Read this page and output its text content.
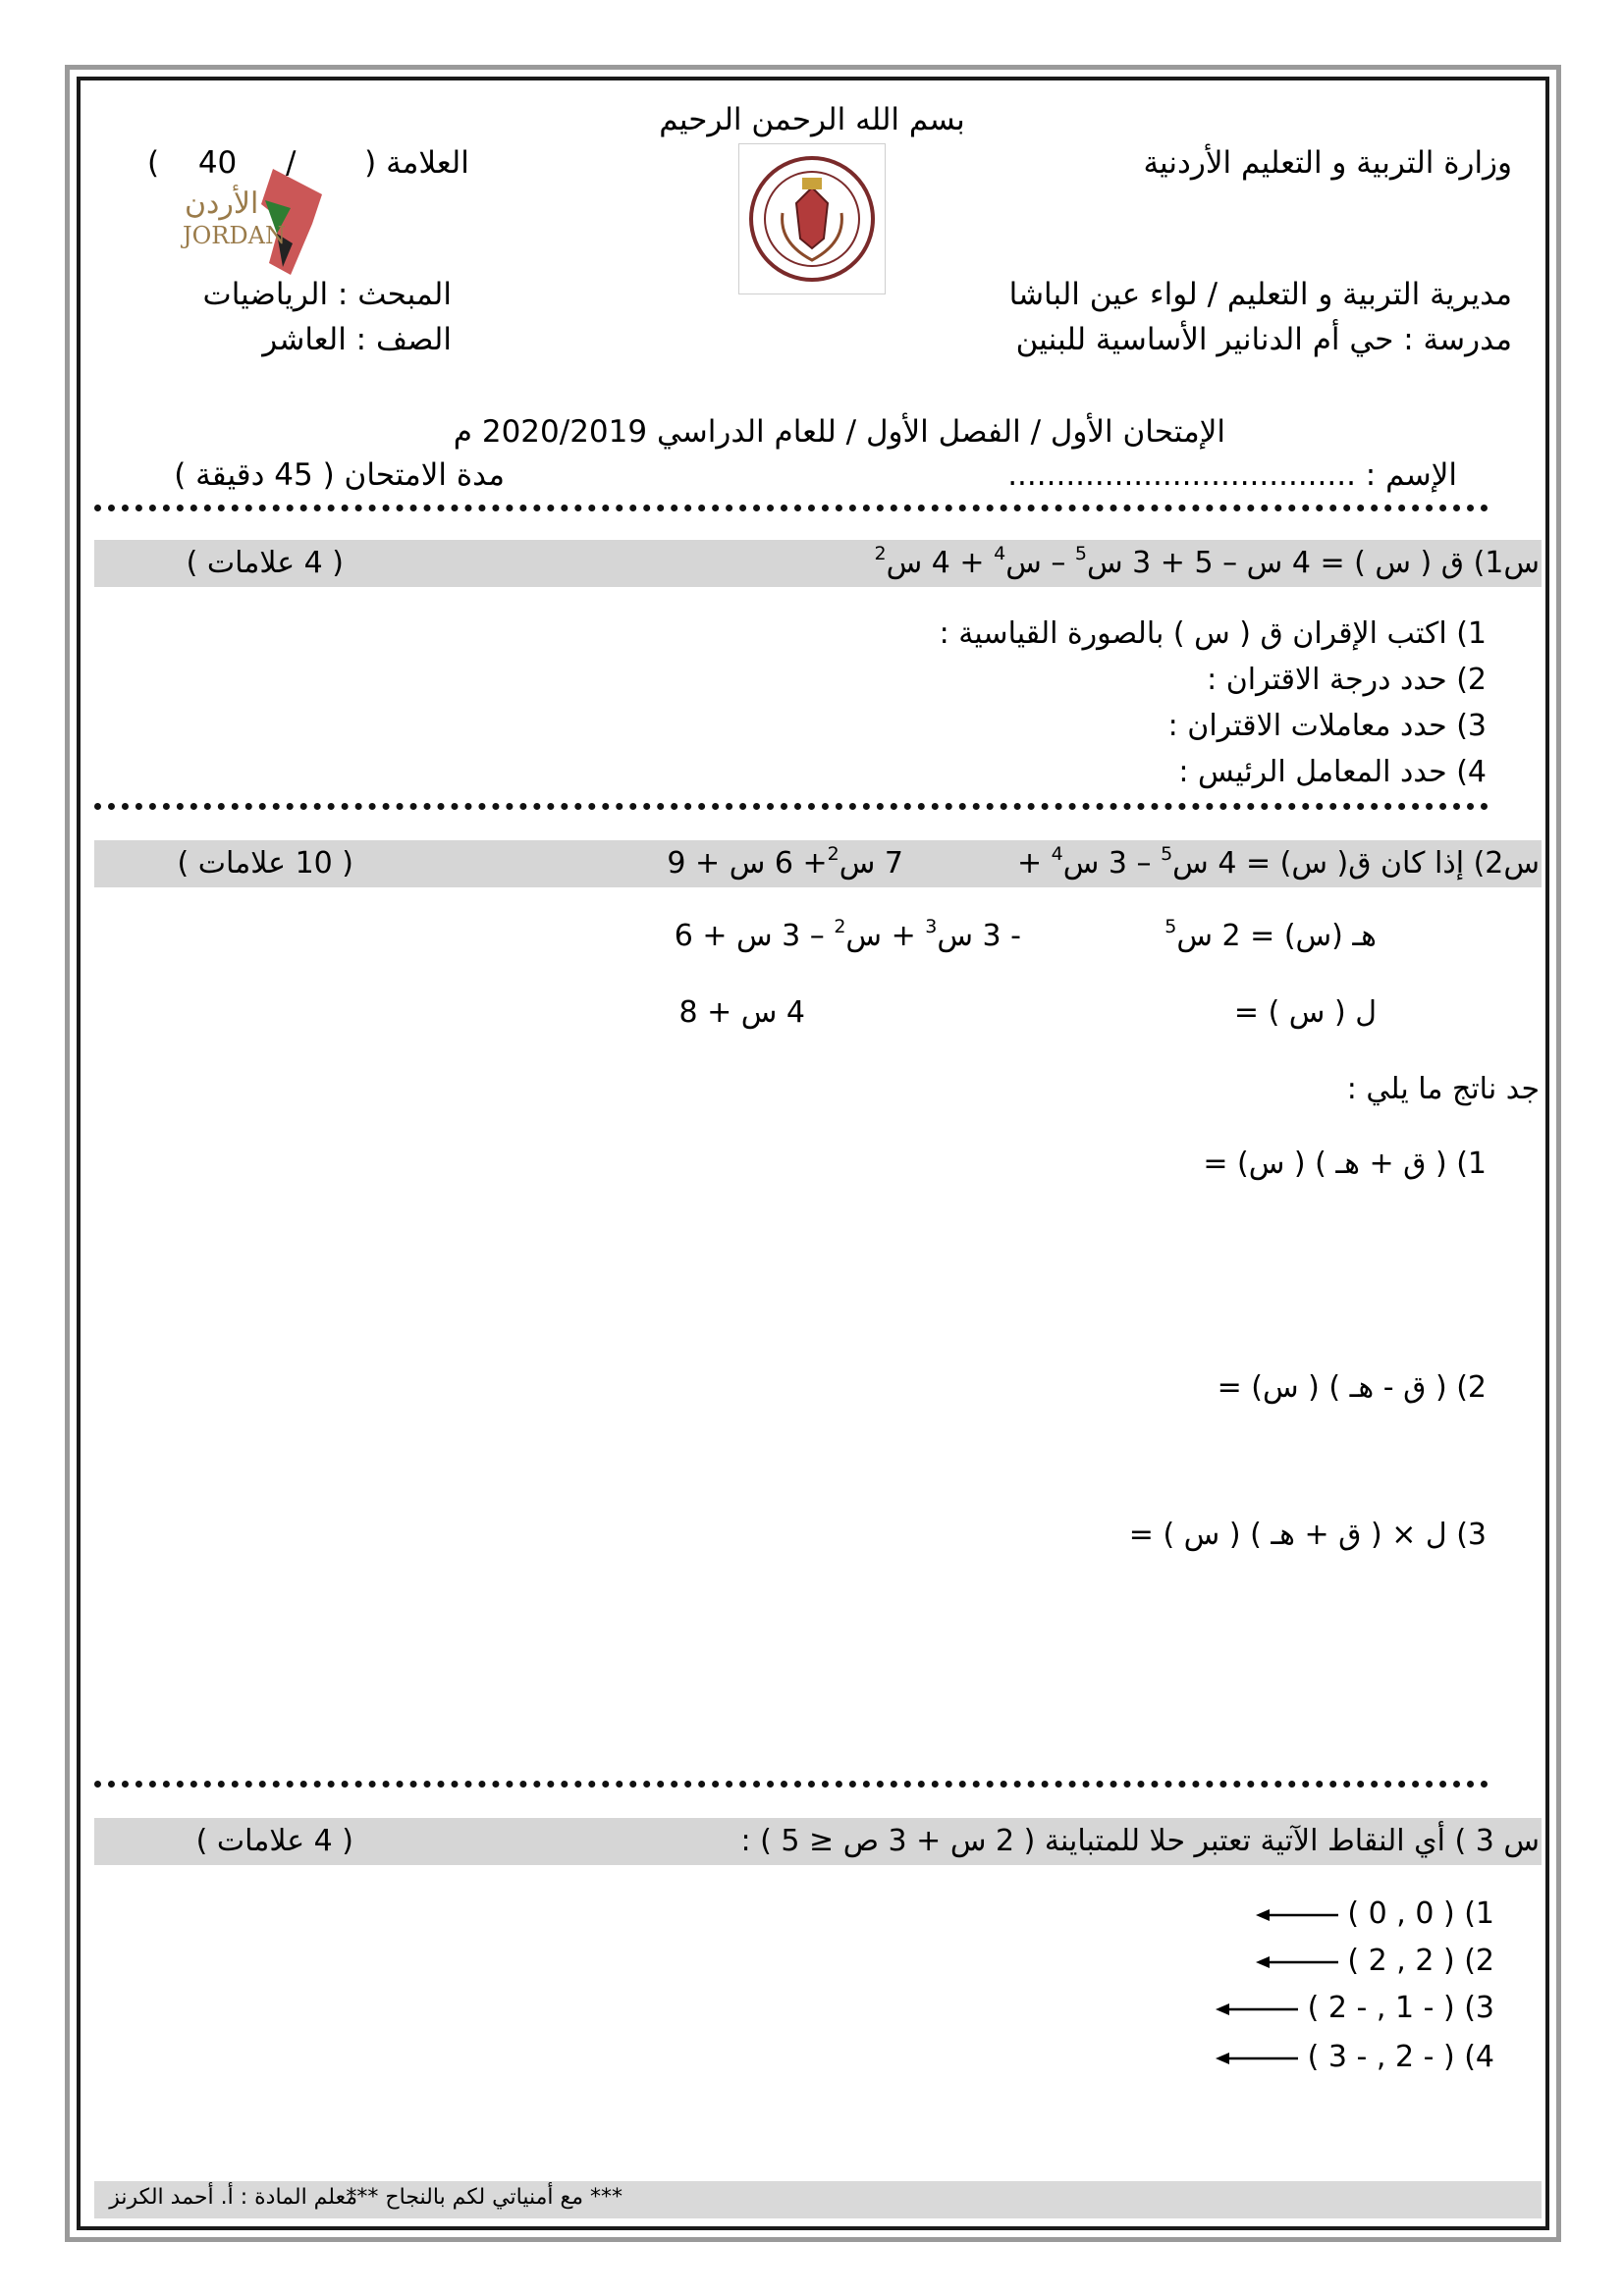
بسم الله الرحمن الرحيم
وزارة التربية و التعليم الأردنية
( 40 / العلامة (
الأردن
JORDAN
مديرية التربية و التعليم / لواء عين الباشا
مدرسة : حي أم الدنانير الأساسية للبنين
المبحث : الرياضيات
الصف : العاشر
الإمتحان الأول / الفصل الأول / للعام الدراسي 2020/2019 م
الإسم : ....................................
مدة الامتحان ( 45 دقيقة )
س1) ق ( س ) = 4 س – 5 + 3 س$^5$ – س$^4$ + 4 س$^2$
( 4 علامات )
1) اكتب الإقران ق ( س ) بالصورة القياسية :
2) حدد درجة الاقتران :
3) حدد معاملات الاقتران :
4) حدد المعامل الرئيس :
س2) إذا كان ق( س) = 4 س$^5$ – 3 س$^4$ +
7 س$^2$+ 6 س + 9
( 10 علامات )
هـ (س) = 2 س$^5$
- 3 س$^3$ + س$^2$ – 3 س + 6
ل ( س ) =
4 س + 8
جد ناتج ما يلي :
1) ( ق + هـ ) ( س) =
2) ( ق - هـ ) ( س) =
3) ل × ( ق + هـ ) ( س ) =
س 3 ) أي النقاط الآتية تعتبر حلا للمتباينة ( 2 س + 3 ص ≤ 5 ) :
( 4 علامات )
1) ( 0 , 0 )
2) ( 2 , 2 )
3) ( - 1 , - 2 )
4) ( - 2 , - 3 )
*** مع أمنياتي لكم بالنجاح ***
معلم المادة : أ. أحمد الكرنز
